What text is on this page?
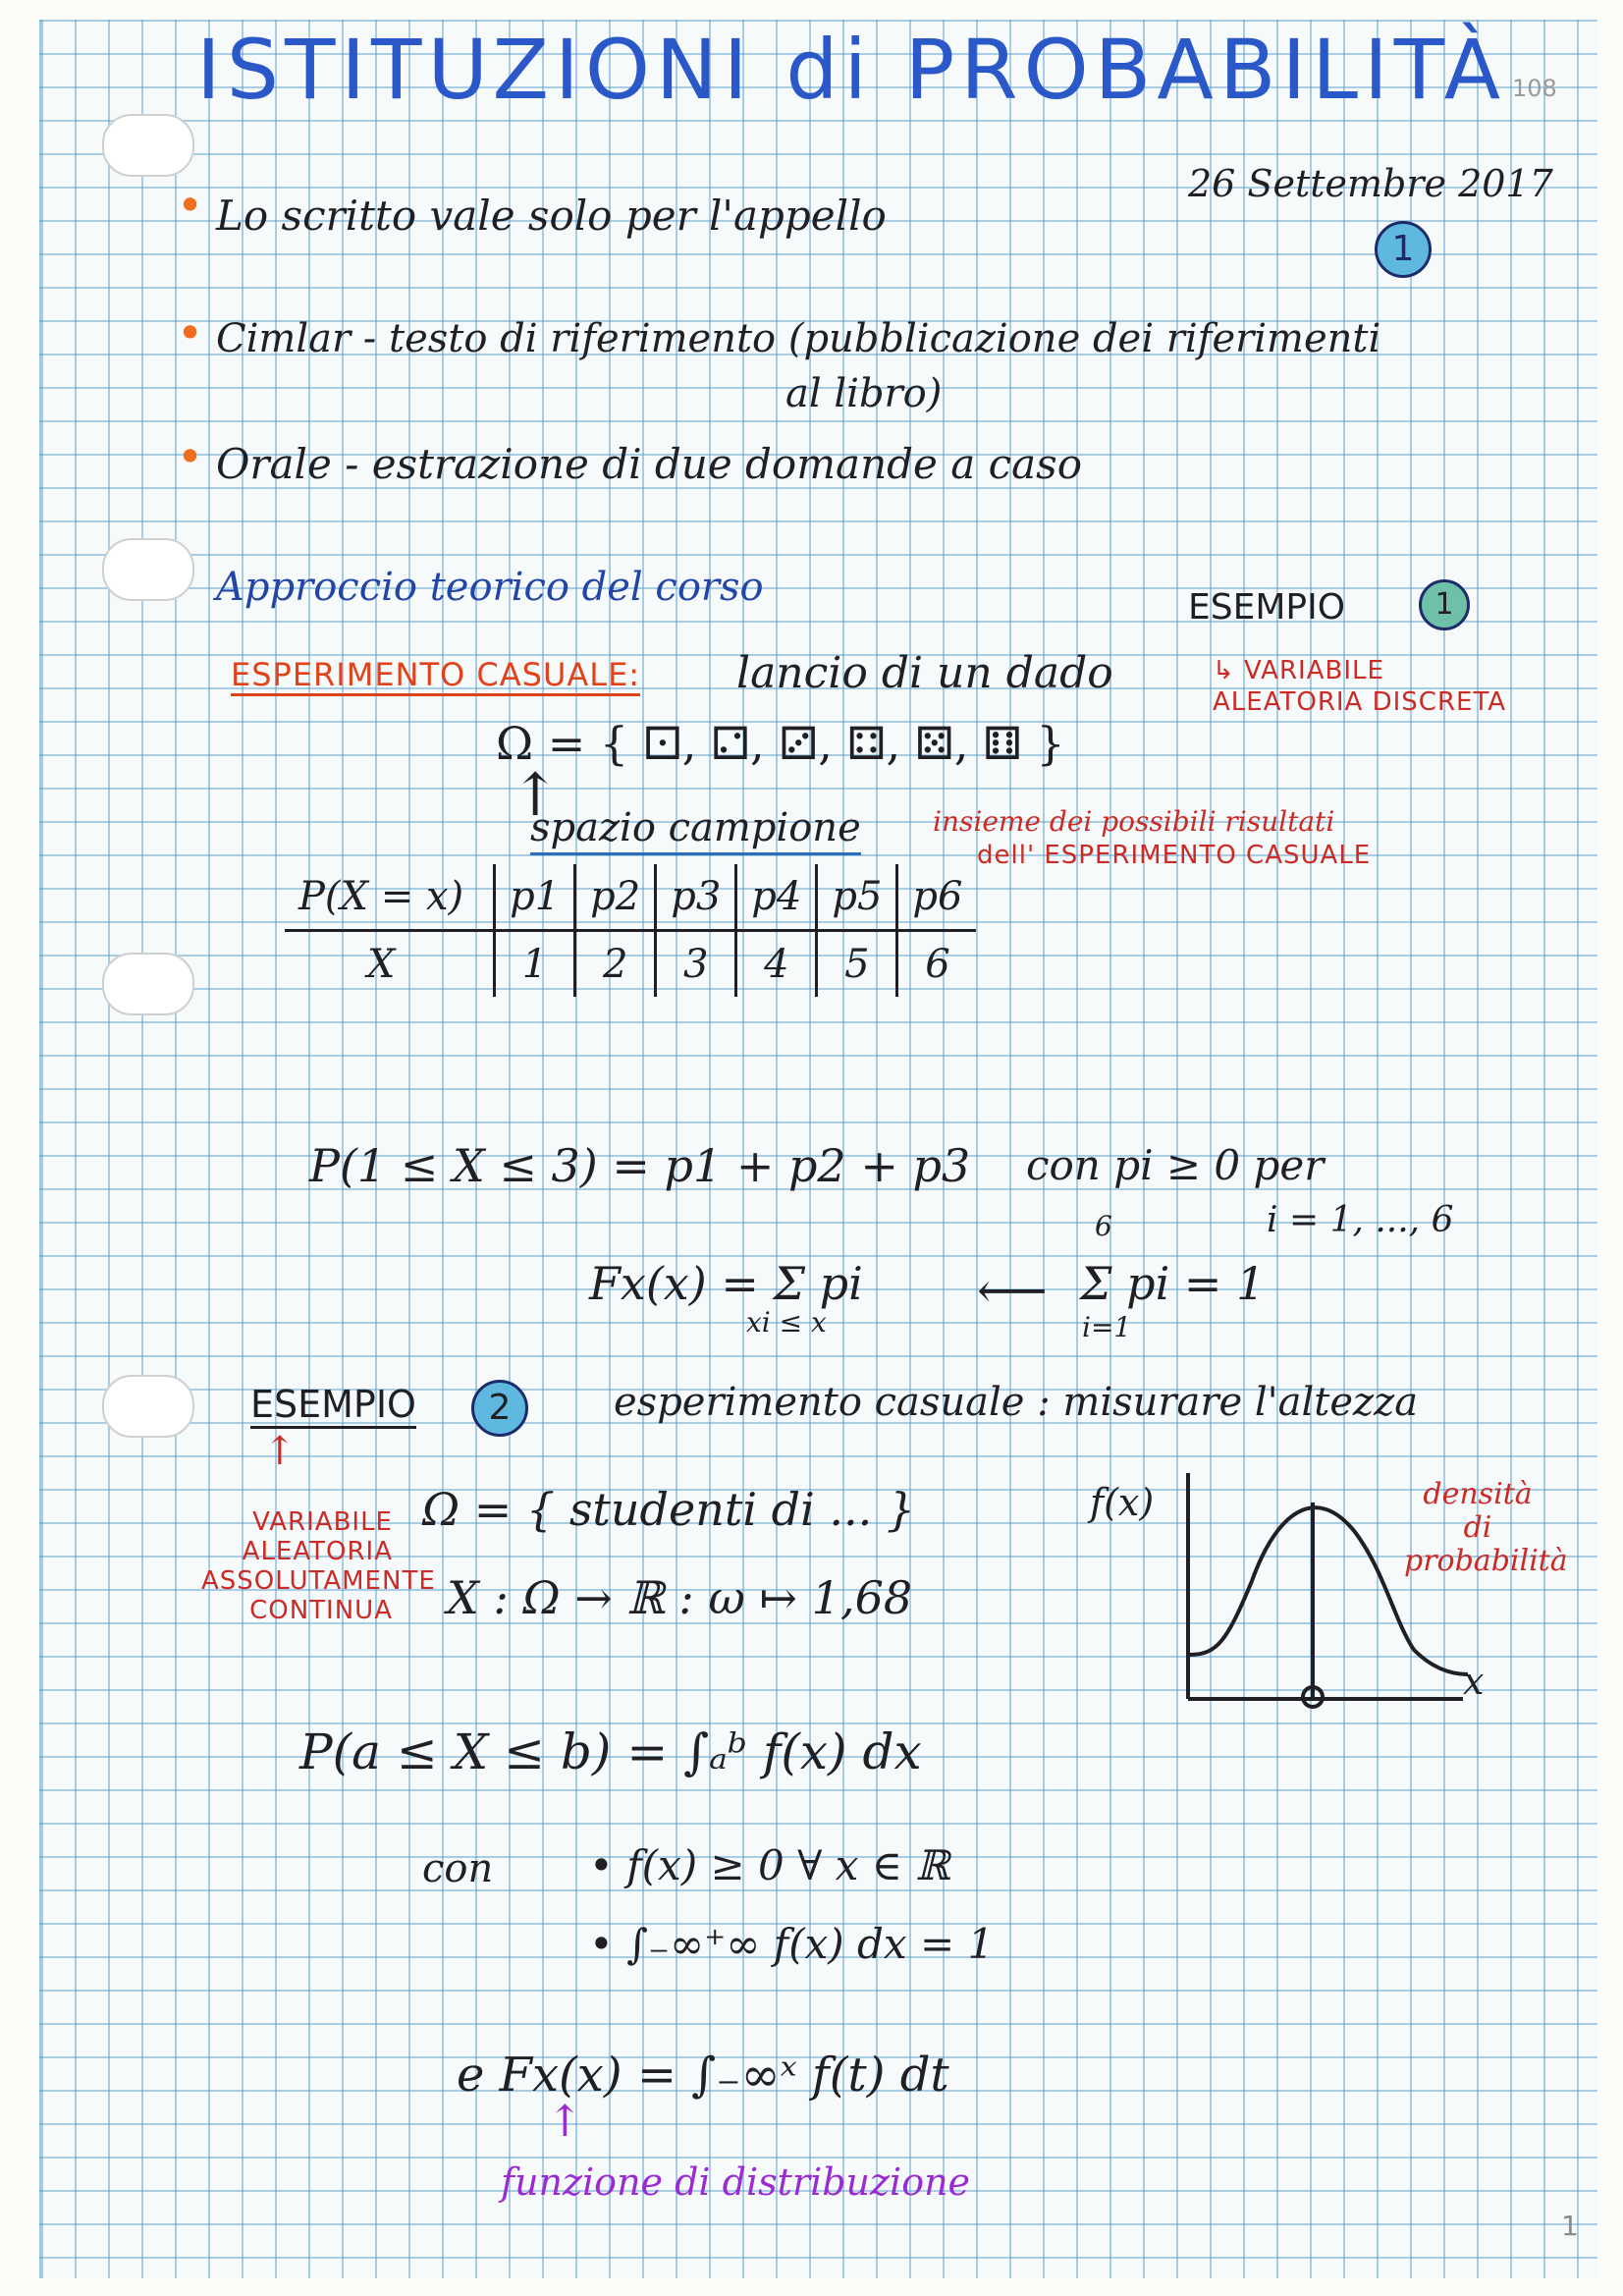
ISTITUZIONI di PROBABILITÀ 108
26 Settembre 2017
1
• Lo scritto vale solo per l'appello
• Cimlar - testo di riferimento (pubblicazione dei riferimenti
al libro)
• Orale - estrazione di due domande a caso
Approccio teorico del corso	ESEMPIO	1
↳ VARIABILE
ALEATORIA DISCRETA
ESPERIMENTO CASUALE: lancio di un dado
Ω = { ⚀, ⚁, ⚂, ⚃, ⚄, ⚅ }
↑
spazio campione	insieme dei possibili risultati
dell' ESPERIMENTO CASUALE
P(X = x)	p1	p2	p3	p4	p5	p6
X	1	2	3	4	5	6
P(1 ≤ X ≤ 3) = p1 + p2 + p3 con pi ≥ 0 per
i = 1, ..., 6
Fx(x) = Σ pi
xi ≤ x
⟵
6
Σ pi = 1
i=1
ESEMPIO	2	esperimento casuale : misurare l'altezza
↑
VARIABILE
ALEATORIA
ASSOLUTAMENTE
CONTINUA
Ω = { studenti di ... }
X : Ω → ℝ : ω ↦ 1,68
f(x)
x
densità
di
probabilità
P(a ≤ X ≤ b) = ∫ₐᵇ f(x) dx
con • f(x) ≥ 0 ∀ x ∈ ℝ
• ∫₋∞⁺∞ f(x) dx = 1
e Fx(x) = ∫₋∞ˣ f(t) dt
↑
funzione di distribuzione
1
